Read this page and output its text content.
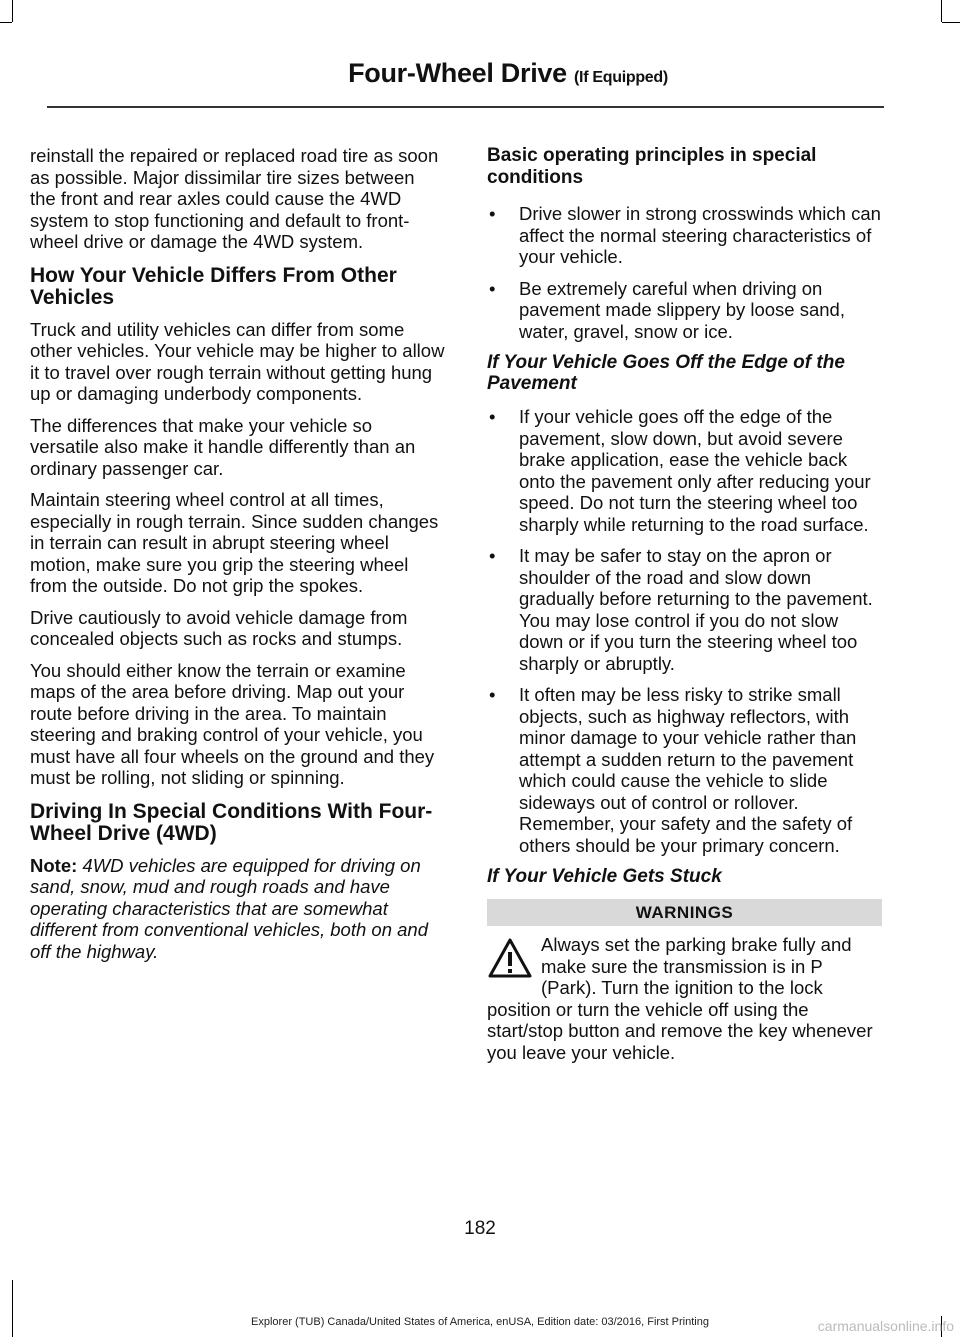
Four-Wheel Drive (If Equipped)

reinstall the repaired or replaced road tire as soon as possible. Major dissimilar tire sizes between the front and rear axles could cause the 4WD system to stop functioning and default to front-wheel drive or damage the 4WD system.

How Your Vehicle Differs From Other Vehicles

Truck and utility vehicles can differ from some other vehicles. Your vehicle may be higher to allow it to travel over rough terrain without getting hung up or damaging underbody components.

The differences that make your vehicle so versatile also make it handle differently than an ordinary passenger car.

Maintain steering wheel control at all times, especially in rough terrain. Since sudden changes in terrain can result in abrupt steering wheel motion, make sure you grip the steering wheel from the outside. Do not grip the spokes.

Drive cautiously to avoid vehicle damage from concealed objects such as rocks and stumps.

You should either know the terrain or examine maps of the area before driving. Map out your route before driving in the area. To maintain steering and braking control of your vehicle, you must have all four wheels on the ground and they must be rolling, not sliding or spinning.

Driving In Special Conditions With Four-Wheel Drive (4WD)

Note: 4WD vehicles are equipped for driving on sand, snow, mud and rough roads and have operating characteristics that are somewhat different from conventional vehicles, both on and off the highway.

Basic operating principles in special conditions
• Drive slower in strong crosswinds which can affect the normal steering characteristics of your vehicle.
• Be extremely careful when driving on pavement made slippery by loose sand, water, gravel, snow or ice.
If Your Vehicle Goes Off the Edge of the Pavement
• If your vehicle goes off the edge of the pavement, slow down, but avoid severe brake application, ease the vehicle back onto the pavement only after reducing your speed. Do not turn the steering wheel too sharply while returning to the road surface.
• It may be safer to stay on the apron or shoulder of the road and slow down gradually before returning to the pavement. You may lose control if you do not slow down or if you turn the steering wheel too sharply or abruptly.
• It often may be less risky to strike small objects, such as highway reflectors, with minor damage to your vehicle rather than attempt a sudden return to the pavement which could cause the vehicle to slide sideways out of control or rollover. Remember, your safety and the safety of others should be your primary concern.
If Your Vehicle Gets Stuck
WARNINGS
Always set the parking brake fully and make sure the transmission is in P (Park). Turn the ignition to the lock position or turn the vehicle off using the start/stop button and remove the key whenever you leave your vehicle.
182
Explorer (TUB) Canada/United States of America, enUSA, Edition date: 03/2016, First Printing	carmanualsonline.info
